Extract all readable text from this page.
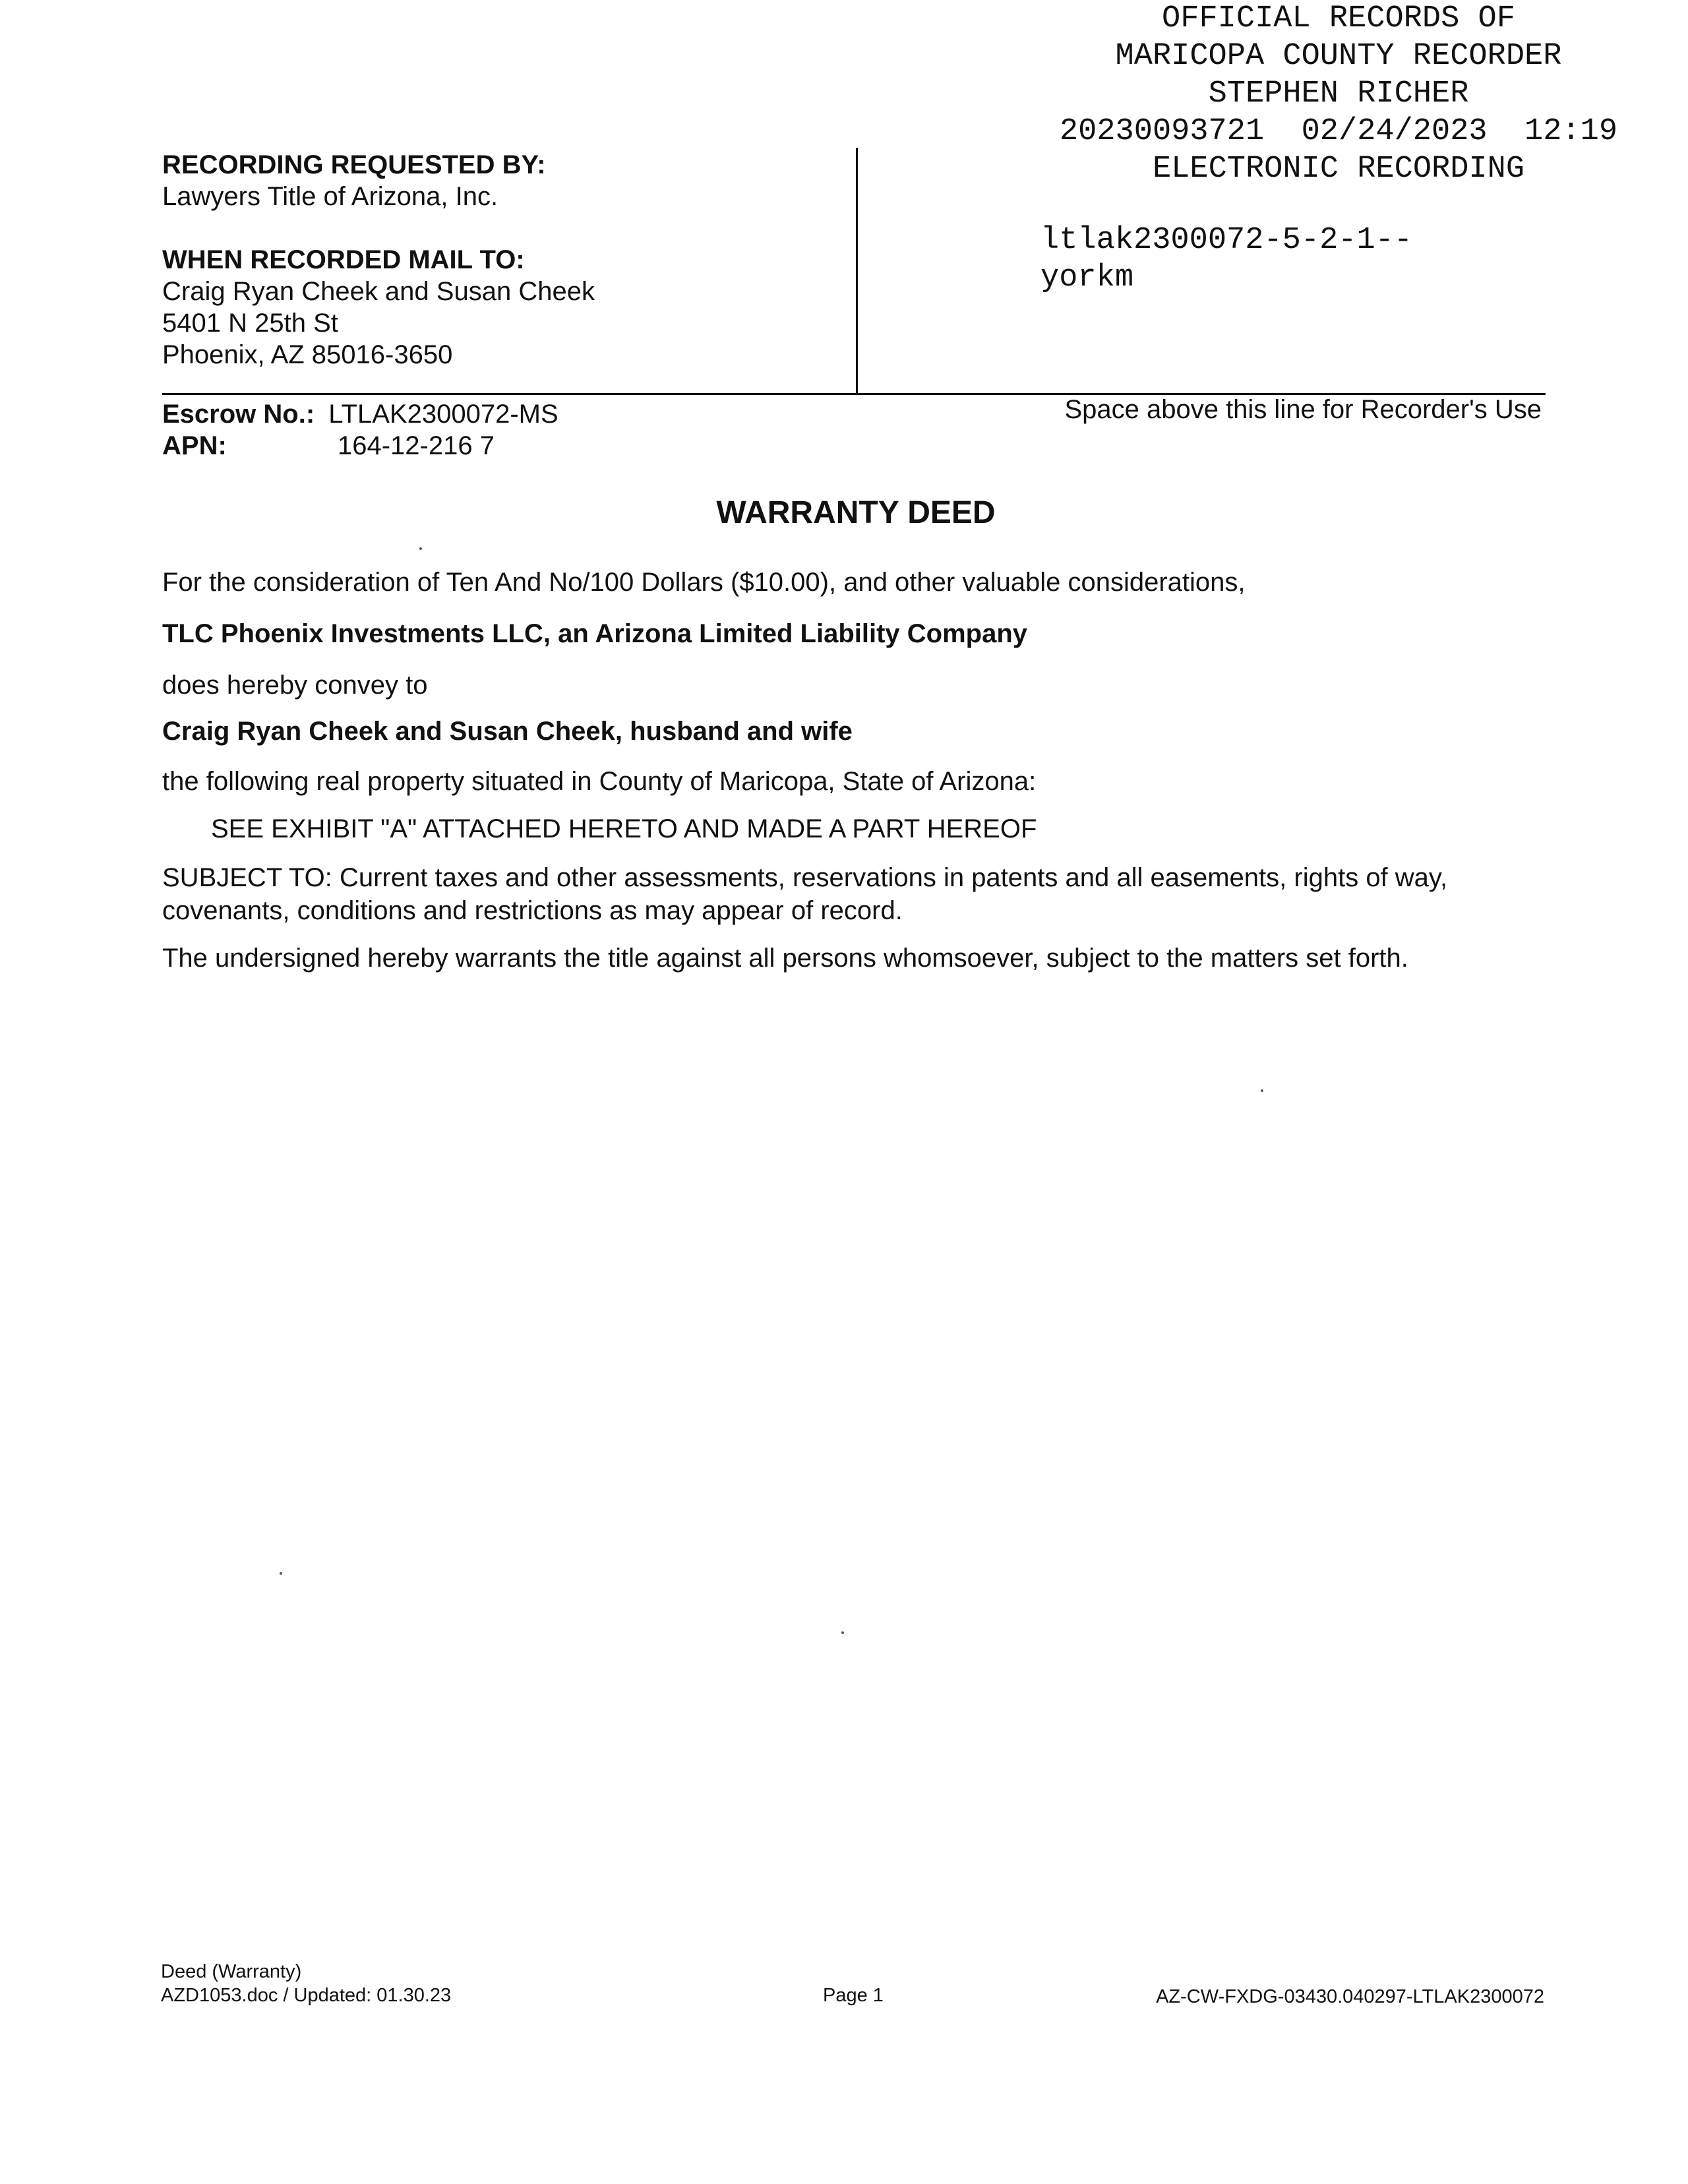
OFFICIAL RECORDS OF
MARICOPA COUNTY RECORDER
STEPHEN RICHER
20230093721  02/24/2023  12:19
ELECTRONIC RECORDING
ltlak2300072-5-2-1--
yorkm
RECORDING REQUESTED BY:
Lawyers Title of Arizona, Inc.
WHEN RECORDED MAIL TO:
Craig Ryan Cheek and Susan Cheek
5401 N 25th St
Phoenix, AZ 85016-3650
Space above this line for Recorder's Use
Escrow No.: LTLAK2300072-MS
APN:	164-12-216 7
WARRANTY DEED
For the consideration of Ten And No/100 Dollars ($10.00), and other valuable considerations,
TLC Phoenix Investments LLC, an Arizona Limited Liability Company
does hereby convey to
Craig Ryan Cheek and Susan Cheek, husband and wife
the following real property situated in County of Maricopa, State of Arizona:
SEE EXHIBIT "A" ATTACHED HERETO AND MADE A PART HEREOF
SUBJECT TO: Current taxes and other assessments, reservations in patents and all easements, rights of way,
covenants, conditions and restrictions as may appear of record.
The undersigned hereby warrants the title against all persons whomsoever, subject to the matters set forth.
Deed (Warranty)
AZD1053.doc / Updated: 01.30.23	Page 1	AZ-CW-FXDG-03430.040297-LTLAK2300072
